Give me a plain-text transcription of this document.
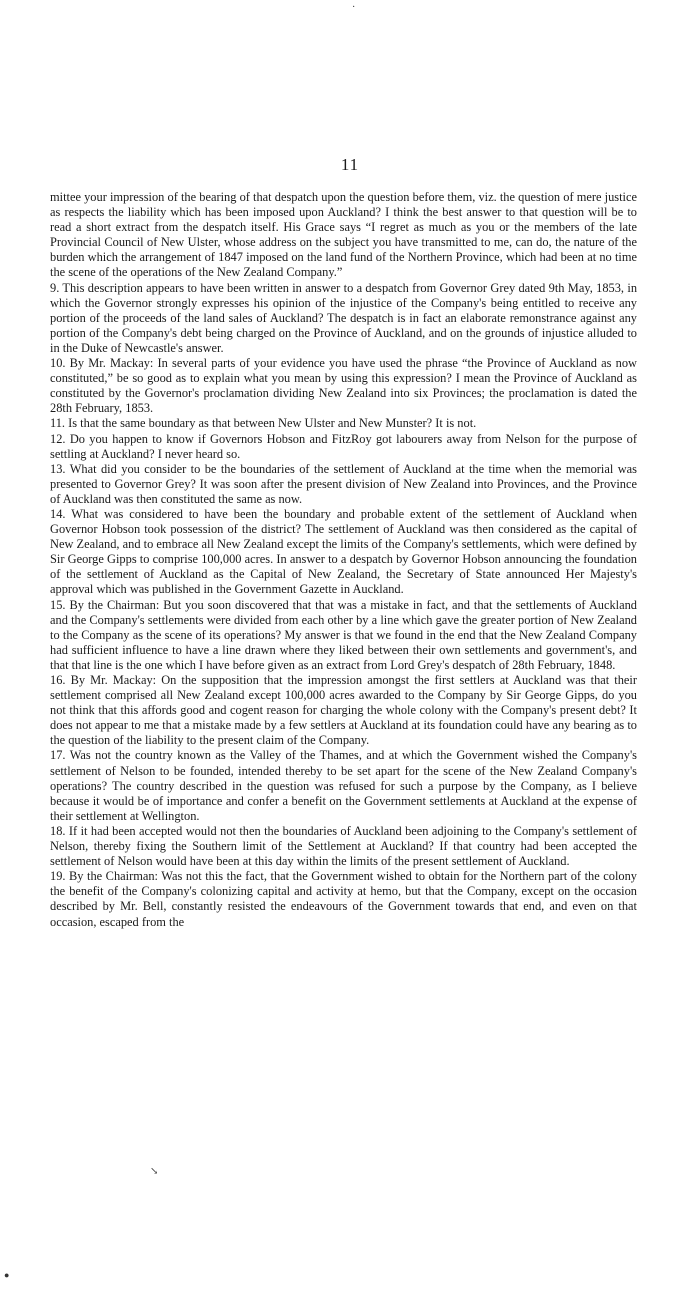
·
11

mittee your impression of the bearing of that despatch upon the question before them, viz. the question of mere justice as respects the liability which has been imposed upon Auckland? I think the best answer to that question will be to read a short extract from the despatch itself. His Grace says “I regret as much as you or the members of the late Provincial Council of New Ulster, whose address on the subject you have transmitted to me, can do, the nature of the burden which the arrangement of 1847 imposed on the land fund of the Northern Province, which had been at no time the scene of the operations of the New Zealand Company.”

9. This description appears to have been written in answer to a despatch from Governor Grey dated 9th May, 1853, in which the Governor strongly expresses his opinion of the injustice of the Company's being entitled to receive any portion of the proceeds of the land sales of Auckland? The despatch is in fact an elaborate remonstrance against any portion of the Company's debt being charged on the Province of Auckland, and on the grounds of injustice alluded to in the Duke of Newcastle's answer.

10. By Mr. Mackay: In several parts of your evidence you have used the phrase “the Province of Auckland as now constituted,” be so good as to explain what you mean by using this expression? I mean the Province of Auckland as constituted by the Governor's proclamation dividing New Zealand into six Provinces; the proclamation is dated the 28th February, 1853.

11. Is that the same boundary as that between New Ulster and New Munster? It is not.

12. Do you happen to know if Governors Hobson and FitzRoy got labourers away from Nelson for the purpose of settling at Auckland? I never heard so.

13. What did you consider to be the boundaries of the settlement of Auckland at the time when the memorial was presented to Governor Grey? It was soon after the present division of New Zealand into Provinces, and the Province of Auckland was then constituted the same as now.

14. What was considered to have been the boundary and probable extent of the settlement of Auckland when Governor Hobson took possession of the district? The settlement of Auckland was then considered as the capital of New Zealand, and to embrace all New Zealand except the limits of the Company's settlements, which were defined by Sir George Gipps to comprise 100,000 acres. In answer to a despatch by Governor Hobson announcing the foundation of the settlement of Auckland as the Capital of New Zealand, the Secretary of State announced Her Majesty's approval which was published in the Government Gazette in Auckland.

15. By the Chairman: But you soon discovered that that was a mistake in fact, and that the settlements of Auckland and the Company's settlements were divided from each other by a line which gave the greater portion of New Zealand to the Company as the scene of its operations? My answer is that we found in the end that the New Zealand Company had sufficient influence to have a line drawn where they liked between their own settlements and government's, and that that line is the one which I have before given as an extract from Lord Grey's despatch of 28th February, 1848.

16. By Mr. Mackay: On the supposition that the impression amongst the first settlers at Auckland was that their settlement comprised all New Zealand except 100,000 acres awarded to the Company by Sir George Gipps, do you not think that this affords good and cogent reason for charging the whole colony with the Company's present debt? It does not appear to me that a mistake made by a few settlers at Auckland at its foundation could have any bearing as to the question of the liability to the present claim of the Company.

17. Was not the country known as the Valley of the Thames, and at which the Government wished the Company's settlement of Nelson to be founded, intended thereby to be set apart for the scene of the New Zealand Company's operations? The country described in the question was refused for such a purpose by the Company, as I believe because it would be of importance and confer a benefit on the Government settlements at Auckland at the expense of their settlement at Wellington.

18. If it had been accepted would not then the boundaries of Auckland been adjoining to the Company's settlement of Nelson, thereby fixing the Southern limit of the Settlement at Auckland? If that country had been accepted the settlement of Nelson would have been at this day within the limits of the present settlement of Auckland.

19. By the Chairman: Was not this the fact, that the Government wished to obtain for the Northern part of the colony the benefit of the Company's colonizing capital and activity at hemo, but that the Company, except on the occasion described by Mr. Bell, constantly resisted the endeavours of the Government towards that end, and even on that occasion, escaped from the

↘
●
